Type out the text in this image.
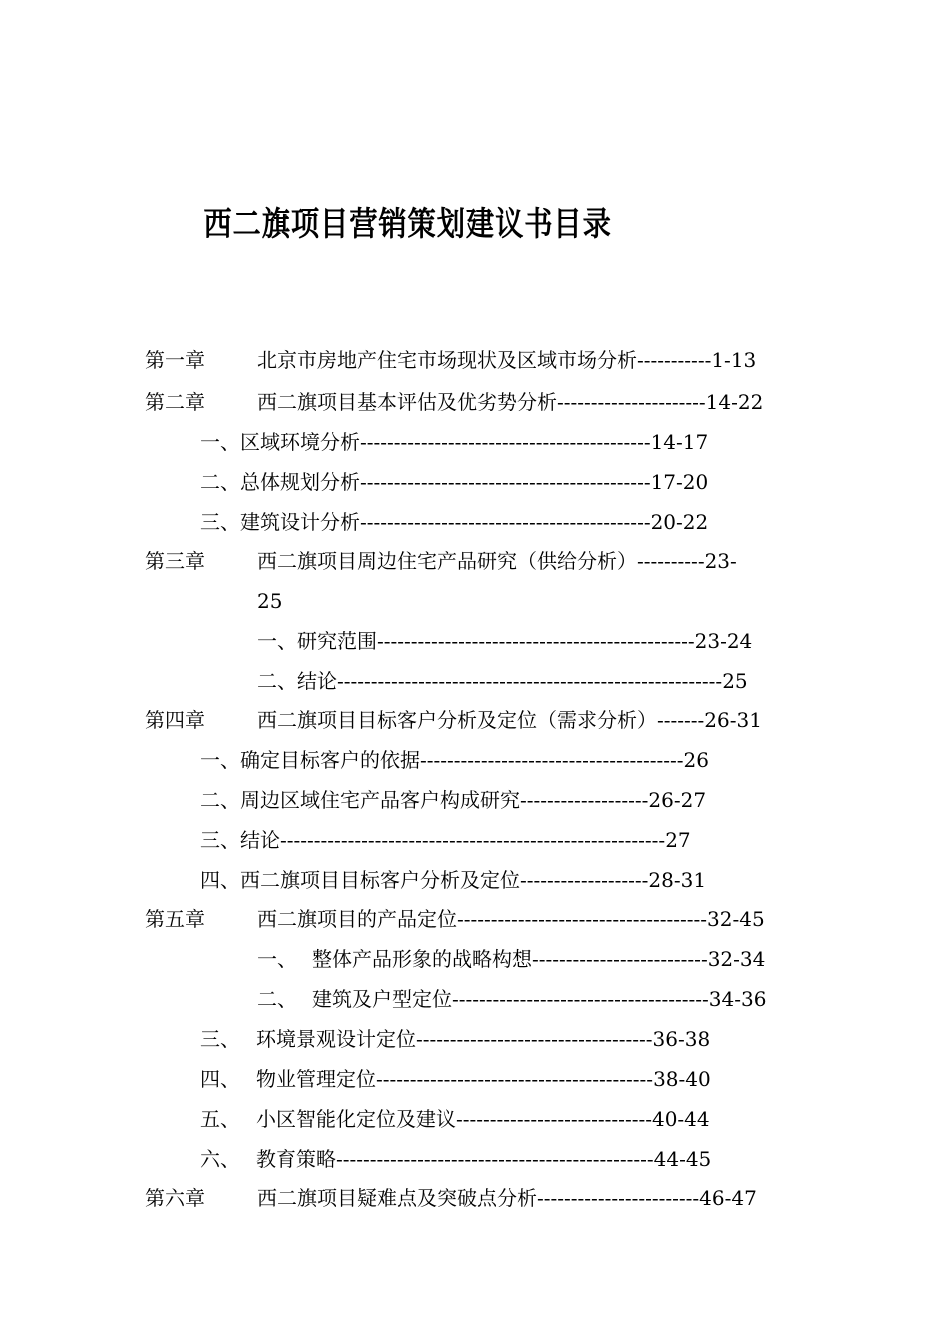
西二旗项目营销策划建议书目录
第一章	北京市房地产住宅市场现状及区域市场分析-----------1-13
第二章	西二旗项目基本评估及优劣势分析----------------------14-22
一、区域环境分析-------------------------------------------14-17
二、总体规划分析-------------------------------------------17-20
三、建筑设计分析-------------------------------------------20-22
第三章	西二旗项目周边住宅产品研究（供给分析）----------23-
25
一、研究范围-----------------------------------------------23-24
二、结论---------------------------------------------------------25
第四章	西二旗项目目标客户分析及定位（需求分析）-------26-31
一、确定目标客户的依据---------------------------------------26
二、周边区域住宅产品客户构成研究-------------------26-27
三、结论---------------------------------------------------------27
四、西二旗项目目标客户分析及定位-------------------28-31
第五章	西二旗项目的产品定位-------------------------------------32-45
一、 整体产品形象的战略构想--------------------------32-34
二、 建筑及户型定位--------------------------------------34-36
三、 环境景观设计定位-----------------------------------36-38
四、 物业管理定位-----------------------------------------38-40
五、 小区智能化定位及建议-----------------------------40-44
六、 教育策略-----------------------------------------------44-45
第六章	西二旗项目疑难点及突破点分析------------------------46-47
